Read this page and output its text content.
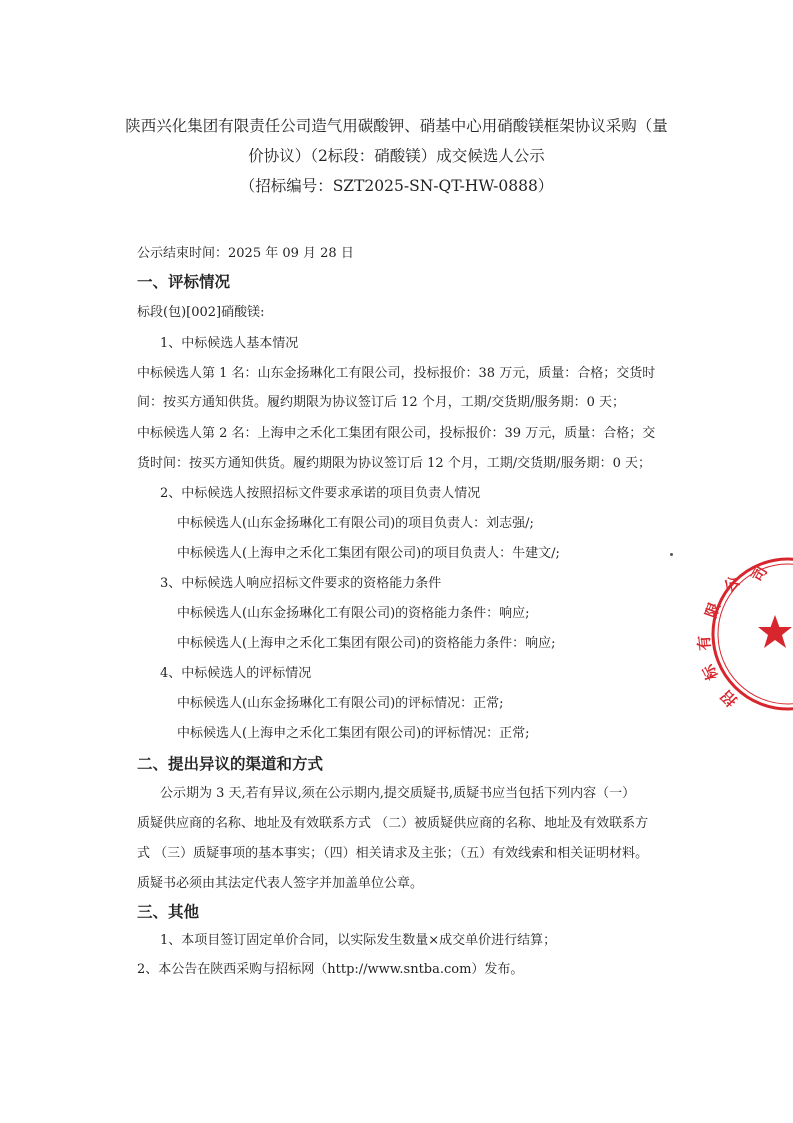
陕西兴化集团有限责任公司造气用碳酸钾、硝基中心用硝酸镁框架协议采购（量
价协议）（2标段：硝酸镁）成交候选人公示
（招标编号：SZT2025-SN-QT-HW-0888）
公示结束时间：2025 年 09 月 28 日
一、评标情况
标段(包)[002]硝酸镁:
1、中标候选人基本情况
中标候选人第 1 名：山东金扬琳化工有限公司，投标报价：38 万元，质量：合格；交货时
间：按买方通知供货。履约期限为协议签订后 12 个月，工期/交货期/服务期：0 天；
中标候选人第 2 名：上海申之禾化工集团有限公司，投标报价：39 万元，质量：合格；交
货时间：按买方通知供货。履约期限为协议签订后 12 个月，工期/交货期/服务期：0 天；
2、中标候选人按照招标文件要求承诺的项目负责人情况
中标候选人(山东金扬琳化工有限公司)的项目负责人：刘志强/;
中标候选人(上海申之禾化工集团有限公司)的项目负责人：牛建文/;
3、中标候选人响应招标文件要求的资格能力条件
中标候选人(山东金扬琳化工有限公司)的资格能力条件：响应;
中标候选人(上海申之禾化工集团有限公司)的资格能力条件：响应;
4、中标候选人的评标情况
中标候选人(山东金扬琳化工有限公司)的评标情况：正常;
中标候选人(上海申之禾化工集团有限公司)的评标情况：正常;
二、提出异议的渠道和方式
公示期为 3 天,若有异议,须在公示期内,提交质疑书,质疑书应当包括下列内容（一）
质疑供应商的名称、地址及有效联系方式 （二）被质疑供应商的名称、地址及有效联系方
式 （三）质疑事项的基本事实；（四）相关请求及主张；（五）有效线索和相关证明材料。
质疑书必须由其法定代表人签字并加盖单位公章。
三、其他
1、本项目签订固定单价合同，以实际发生数量×成交单价进行结算；
2、本公告在陕西采购与招标网（http://www.sntba.com）发布。
司
公
限
有
标
招
